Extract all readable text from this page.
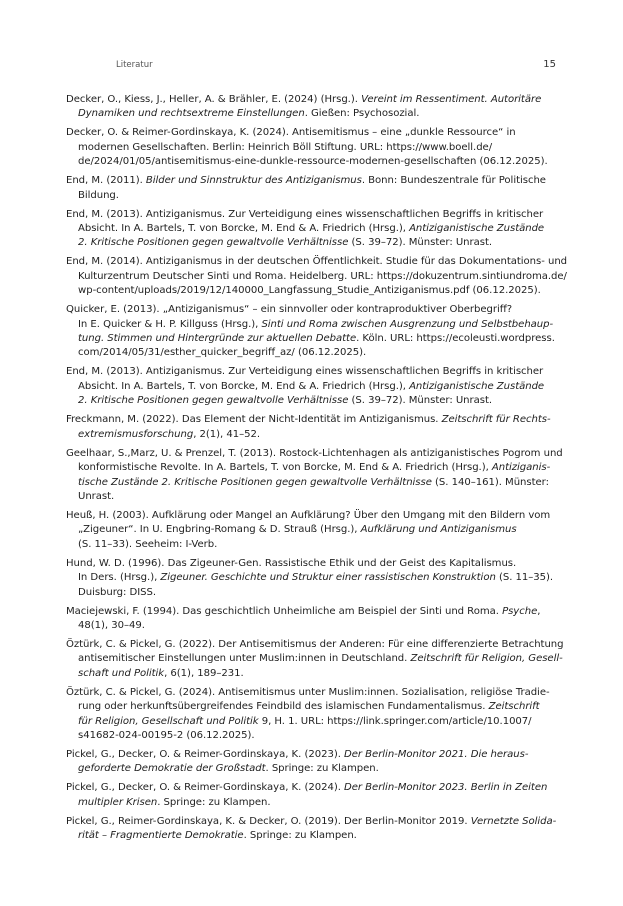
Literatur	15
Decker, O., Kiess, J., Heller, A. & Brähler, E. (2024) (Hrsg.). Vereint im Ressentiment. Autoritäre
Dynamiken und rechtsextreme Einstellungen. Gießen: Psychosozial.
Decker, O. & Reimer-Gordinskaya, K. (2024). Antisemitismus – eine „dunkle Ressource“ in
modernen Gesellschaften. Berlin: Heinrich Böll Stiftung. URL: https://www.boell.de/
de/2024/01/05/antisemitismus-eine-dunkle-ressource-modernen-gesellschaften (06.12.2025).
End, M. (2011). Bilder und Sinnstruktur des Antiziganismus. Bonn: Bundeszentrale für Politische
Bildung.
End, M. (2013). Antiziganismus. Zur Verteidigung eines wissenschaftlichen Begriffs in kritischer
Absicht. In A. Bartels, T. von Borcke, M. End & A. Friedrich (Hrsg.), Antiziganistische Zustände
2. Kritische Positionen gegen gewaltvolle Verhältnisse (S. 39–72). Münster: Unrast.
End, M. (2014). Antiziganismus in der deutschen Öffentlichkeit. Studie für das Dokumentations- und
Kulturzentrum Deutscher Sinti und Roma. Heidelberg. URL: https://dokuzentrum.sintiundroma.de/
wp-content/uploads/2019/12/140000_Langfassung_Studie_Antiziganismus.pdf (06.12.2025).
Quicker, E. (2013). „Antiziganismus“ – ein sinnvoller oder kontraproduktiver Oberbegriff?
In E. Quicker & H. P. Killguss (Hrsg.), Sinti und Roma zwischen Ausgrenzung und Selbstbehaup-
tung. Stimmen und Hintergründe zur aktuellen Debatte. Köln. URL: https://ecoleusti.wordpress.
com/2014/05/31/esther_quicker_begriff_az/ (06.12.2025).
End, M. (2013). Antiziganismus. Zur Verteidigung eines wissenschaftlichen Begriffs in kritischer
Absicht. In A. Bartels, T. von Borcke, M. End & A. Friedrich (Hrsg.), Antiziganistische Zustände
2. Kritische Positionen gegen gewaltvolle Verhältnisse (S. 39–72). Münster: Unrast.
Freckmann, M. (2022). Das Element der Nicht-Identität im Antiziganismus. Zeitschrift für Rechts-
extremismusforschung, 2(1), 41–52.
Geelhaar, S.,Marz, U. & Prenzel, T. (2013). Rostock-Lichtenhagen als antiziganistisches Pogrom und
konformistische Revolte. In A. Bartels, T. von Borcke, M. End & A. Friedrich (Hrsg.), Antiziganis-
tische Zustände 2. Kritische Positionen gegen gewaltvolle Verhältnisse (S. 140–161). Münster:
Unrast.
Heuß, H. (2003). Aufklärung oder Mangel an Aufklärung? Über den Umgang mit den Bildern vom
„Zigeuner“. In U. Engbring-Romang & D. Strauß (Hrsg.), Aufklärung und Antiziganismus
(S. 11–33). Seeheim: I-Verb.
Hund, W. D. (1996). Das Zigeuner-Gen. Rassistische Ethik und der Geist des Kapitalismus.
In Ders. (Hrsg.), Zigeuner. Geschichte und Struktur einer rassistischen Konstruktion (S. 11–35).
Duisburg: DISS.
Maciejewski, F. (1994). Das geschichtlich Unheimliche am Beispiel der Sinti und Roma. Psyche,
48(1), 30–49.
Öztürk, C. & Pickel, G. (2022). Der Antisemitismus der Anderen: Für eine differenzierte Betrachtung
antisemitischer Einstellungen unter Muslim:innen in Deutschland. Zeitschrift für Religion, Gesell-
schaft und Politik, 6(1), 189–231.
Öztürk, C. & Pickel, G. (2024). Antisemitismus unter Muslim:innen. Sozialisation, religiöse Tradie-
rung oder herkunftsübergreifendes Feindbild des islamischen Fundamentalismus. Zeitschrift
für Religion, Gesellschaft und Politik 9, H. 1. URL: https://link.springer.com/article/10.1007/
s41682-024-00195-2 (06.12.2025).
Pickel, G., Decker, O. & Reimer-Gordinskaya, K. (2023). Der Berlin-Monitor 2021. Die heraus-
geforderte Demokratie der Großstadt. Springe: zu Klampen.
Pickel, G., Decker, O. & Reimer-Gordinskaya, K. (2024). Der Berlin-Monitor 2023. Berlin in Zeiten
multipler Krisen. Springe: zu Klampen.
Pickel, G., Reimer-Gordinskaya, K. & Decker, O. (2019). Der Berlin-Monitor 2019. Vernetzte Solida-
rität – Fragmentierte Demokratie. Springe: zu Klampen.
